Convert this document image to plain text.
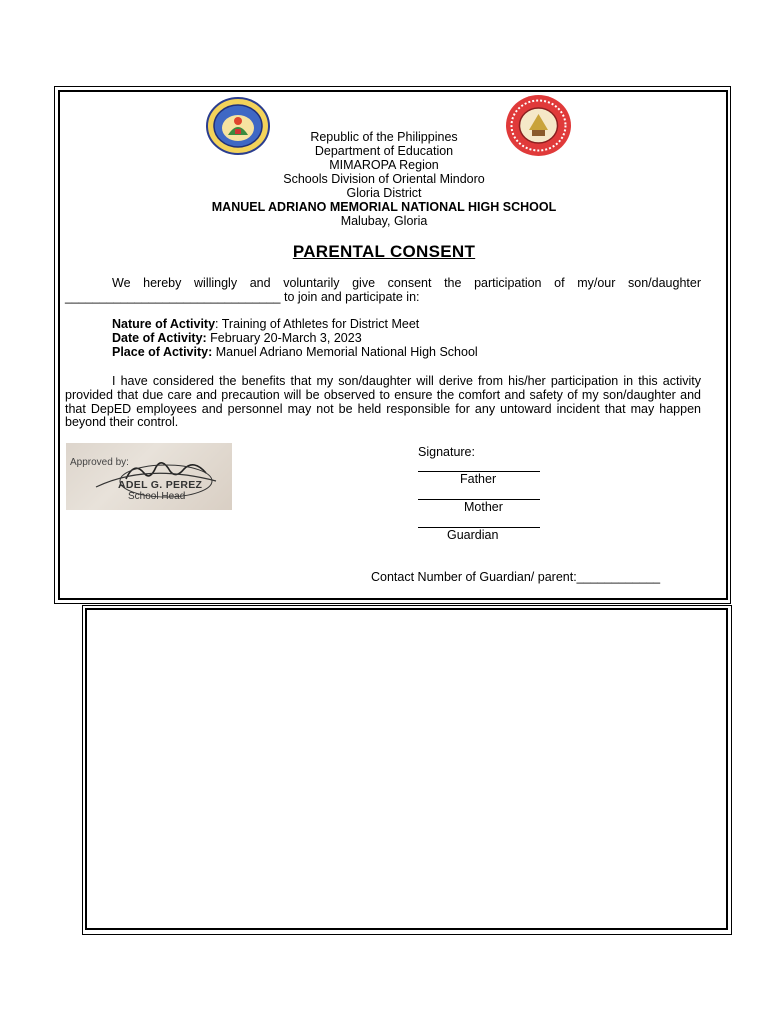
Republic of the Philippines
Department of Education
MIMAROPA Region
Schools Division of Oriental Mindoro
Gloria District
MANUEL ADRIANO MEMORIAL NATIONAL HIGH SCHOOL
Malubay, Gloria
PARENTAL CONSENT
We hereby willingly and voluntarily give consent the participation of my/our son/daughter _______________________________ to join and participate in:
Nature of Activity: Training of Athletes for District Meet
Date of Activity: February 20-March 3, 2023
Place of Activity: Manuel Adriano Memorial National High School
I have considered the benefits that my son/daughter will derive from his/her participation in this activity provided that due care and precaution will be observed to ensure the comfort and safety of my son/daughter and that DepED employees and personnel may not be held responsible for any untoward incident that may happen beyond their control.
Approved by:
ADEL G. PEREZ
School Head
Signature:
Father
Mother
Guardian
Contact Number of Guardian/ parent:____________
